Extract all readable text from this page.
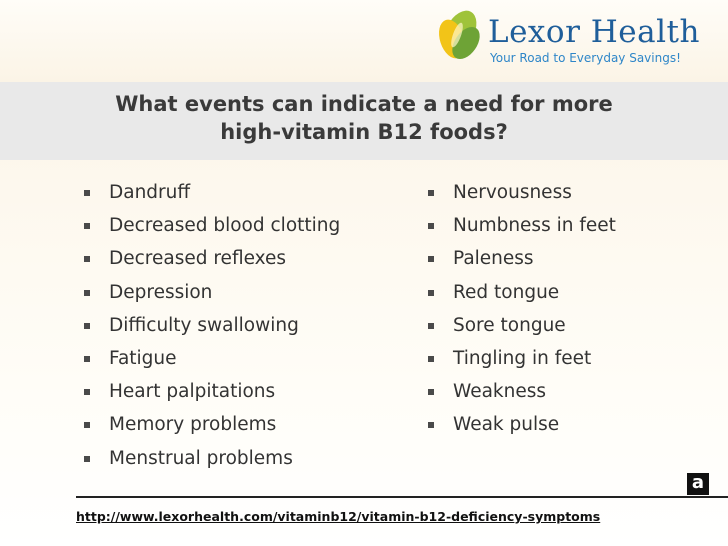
Lexor Health
Your Road to Everyday Savings!
What events can indicate a need for more
high-vitamin B12 foods?
Dandruff
Decreased blood clotting
Decreased reflexes
Depression
Difficulty swallowing
Fatigue
Heart palpitations
Memory problems
Menstrual problems
Nervousness
Numbness in feet
Paleness
Red tongue
Sore tongue
Tingling in feet
Weakness
Weak pulse
a
http://www.lexorhealth.com/vitaminb12/vitamin-b12-deficiency-symptoms
